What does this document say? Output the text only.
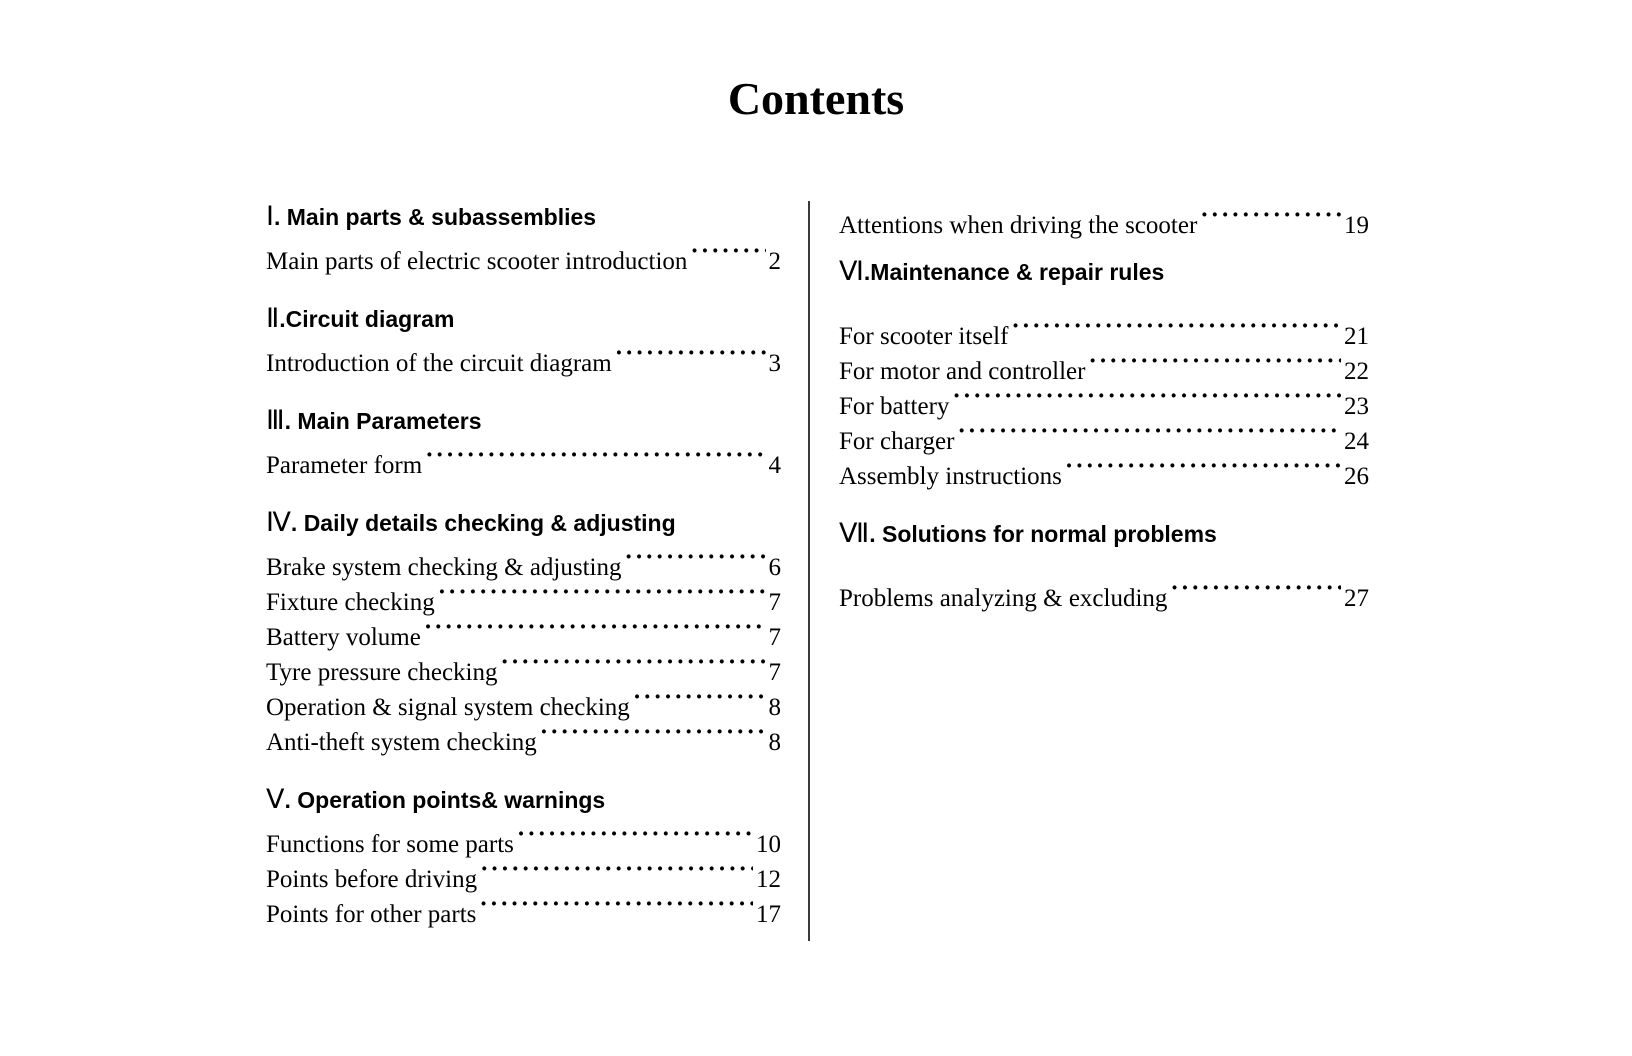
Contents
Ⅰ. Main parts & subassemblies
Main parts of electric scooter introduction ·····	2
Ⅱ.Circuit diagram
Introduction of the circuit diagram ·····	3
Ⅲ. Main Parameters
Parameter form ·····	4
Ⅳ. Daily details checking & adjusting
Brake system checking & adjusting ·····	6
Fixture checking ·····	7
Battery volume ·····	7
Tyre pressure checking ·····	7
Operation & signal system checking ·····	8
Anti-theft system checking ·····	8
Ⅴ. Operation points& warnings
Functions for some parts ·····	10
Points before driving ·····	12
Points for other parts ·····	17
Attentions when driving the scooter ·····	19
Ⅵ.Maintenance & repair rules
For scooter itself ·····	21
For motor and controller ·····	22
For battery ·····	23
For charger ·····	24
Assembly instructions ·····	26
Ⅶ. Solutions for normal problems
Problems analyzing & excluding ·····	27
